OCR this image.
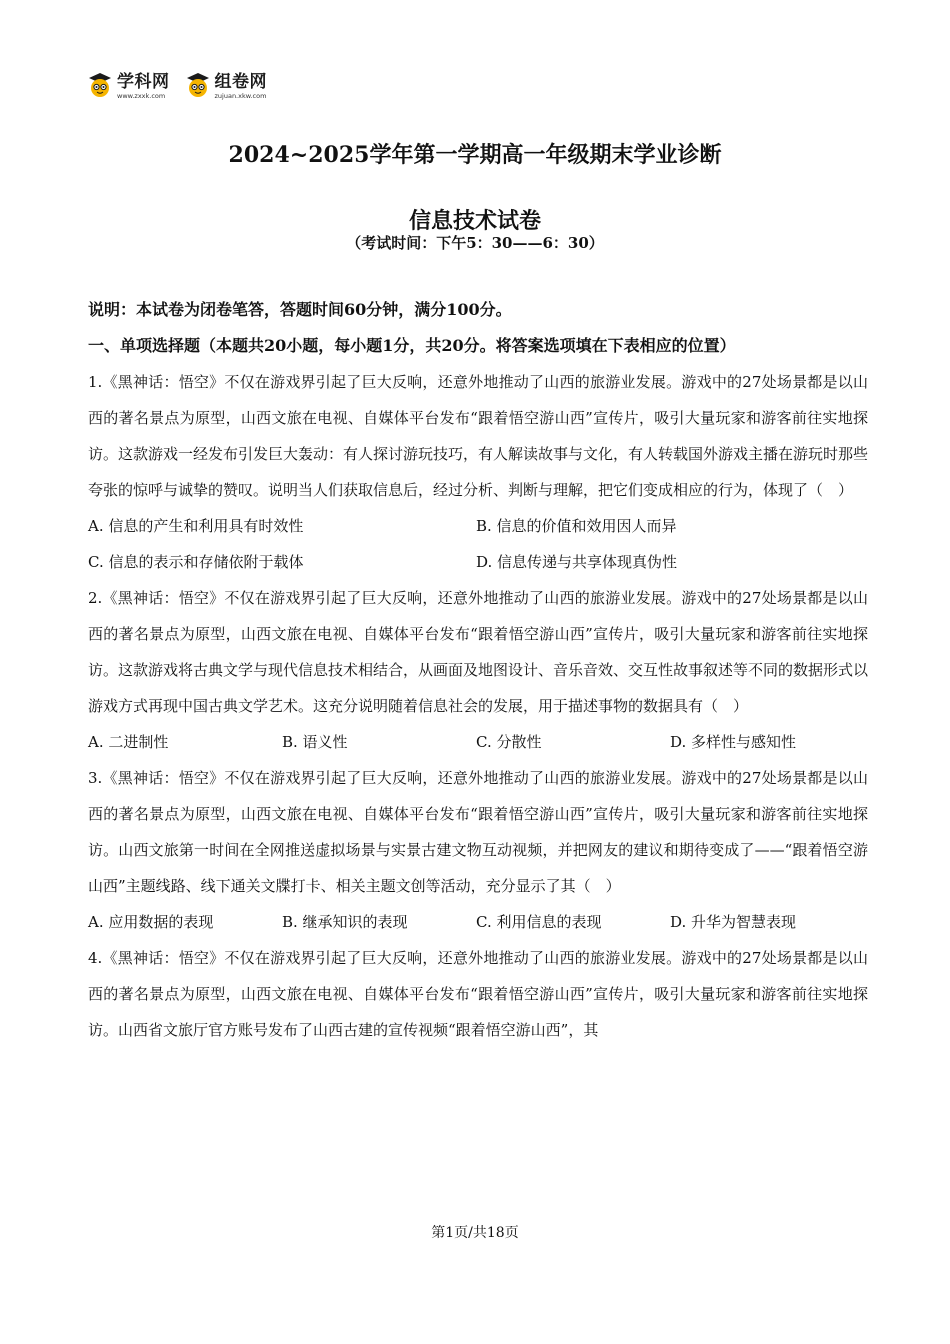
学科网
www.zxxk.com
组卷网
zujuan.xkw.com
2024~2025学年第一学期高一年级期末学业诊断
信息技术试卷
（考试时间：下午5：30——6：30）
说明：本试卷为闭卷笔答，答题时间60分钟，满分100分。
一、单项选择题（本题共20小题，每小题1分，共20分。将答案选项填在下表相应的位置）
1.《黑神话：悟空》不仅在游戏界引起了巨大反响，还意外地推动了山西的旅游业发展。游戏中的27处场景都是以山西的著名景点为原型，山西文旅在电视、自媒体平台发布“跟着悟空游山西”宣传片，吸引大量玩家和游客前往实地探访。这款游戏一经发布引发巨大轰动：有人探讨游玩技巧，有人解读故事与文化，有人转载国外游戏主播在游玩时那些夸张的惊呼与诚挚的赞叹。说明当人们获取信息后，经过分析、判断与理解，把它们变成相应的行为，体现了（　）
A. 信息的产生和利用具有时效性	B. 信息的价值和效用因人而异
C. 信息的表示和存储依附于载体	D. 信息传递与共享体现真伪性
2.《黑神话：悟空》不仅在游戏界引起了巨大反响，还意外地推动了山西的旅游业发展。游戏中的27处场景都是以山西的著名景点为原型，山西文旅在电视、自媒体平台发布“跟着悟空游山西”宣传片，吸引大量玩家和游客前往实地探访。这款游戏将古典文学与现代信息技术相结合，从画面及地图设计、音乐音效、交互性故事叙述等不同的数据形式以游戏方式再现中国古典文学艺术。这充分说明随着信息社会的发展，用于描述事物的数据具有（　）
A. 二进制性	B. 语义性	C. 分散性	D. 多样性与感知性
3.《黑神话：悟空》不仅在游戏界引起了巨大反响，还意外地推动了山西的旅游业发展。游戏中的27处场景都是以山西的著名景点为原型，山西文旅在电视、自媒体平台发布“跟着悟空游山西”宣传片，吸引大量玩家和游客前往实地探访。山西文旅第一时间在全网推送虚拟场景与实景古建文物互动视频，并把网友的建议和期待变成了——“跟着悟空游山西”主题线路、线下通关文牒打卡、相关主题文创等活动，充分显示了其（　）
A. 应用数据的表现	B. 继承知识的表现	C. 利用信息的表现	D. 升华为智慧表现
4.《黑神话：悟空》不仅在游戏界引起了巨大反响，还意外地推动了山西的旅游业发展。游戏中的27处场景都是以山西的著名景点为原型，山西文旅在电视、自媒体平台发布“跟着悟空游山西”宣传片，吸引大量玩家和游客前往实地探访。山西省文旅厅官方账号发布了山西古建的宣传视频“跟着悟空游山西”，其
第1页/共18页
